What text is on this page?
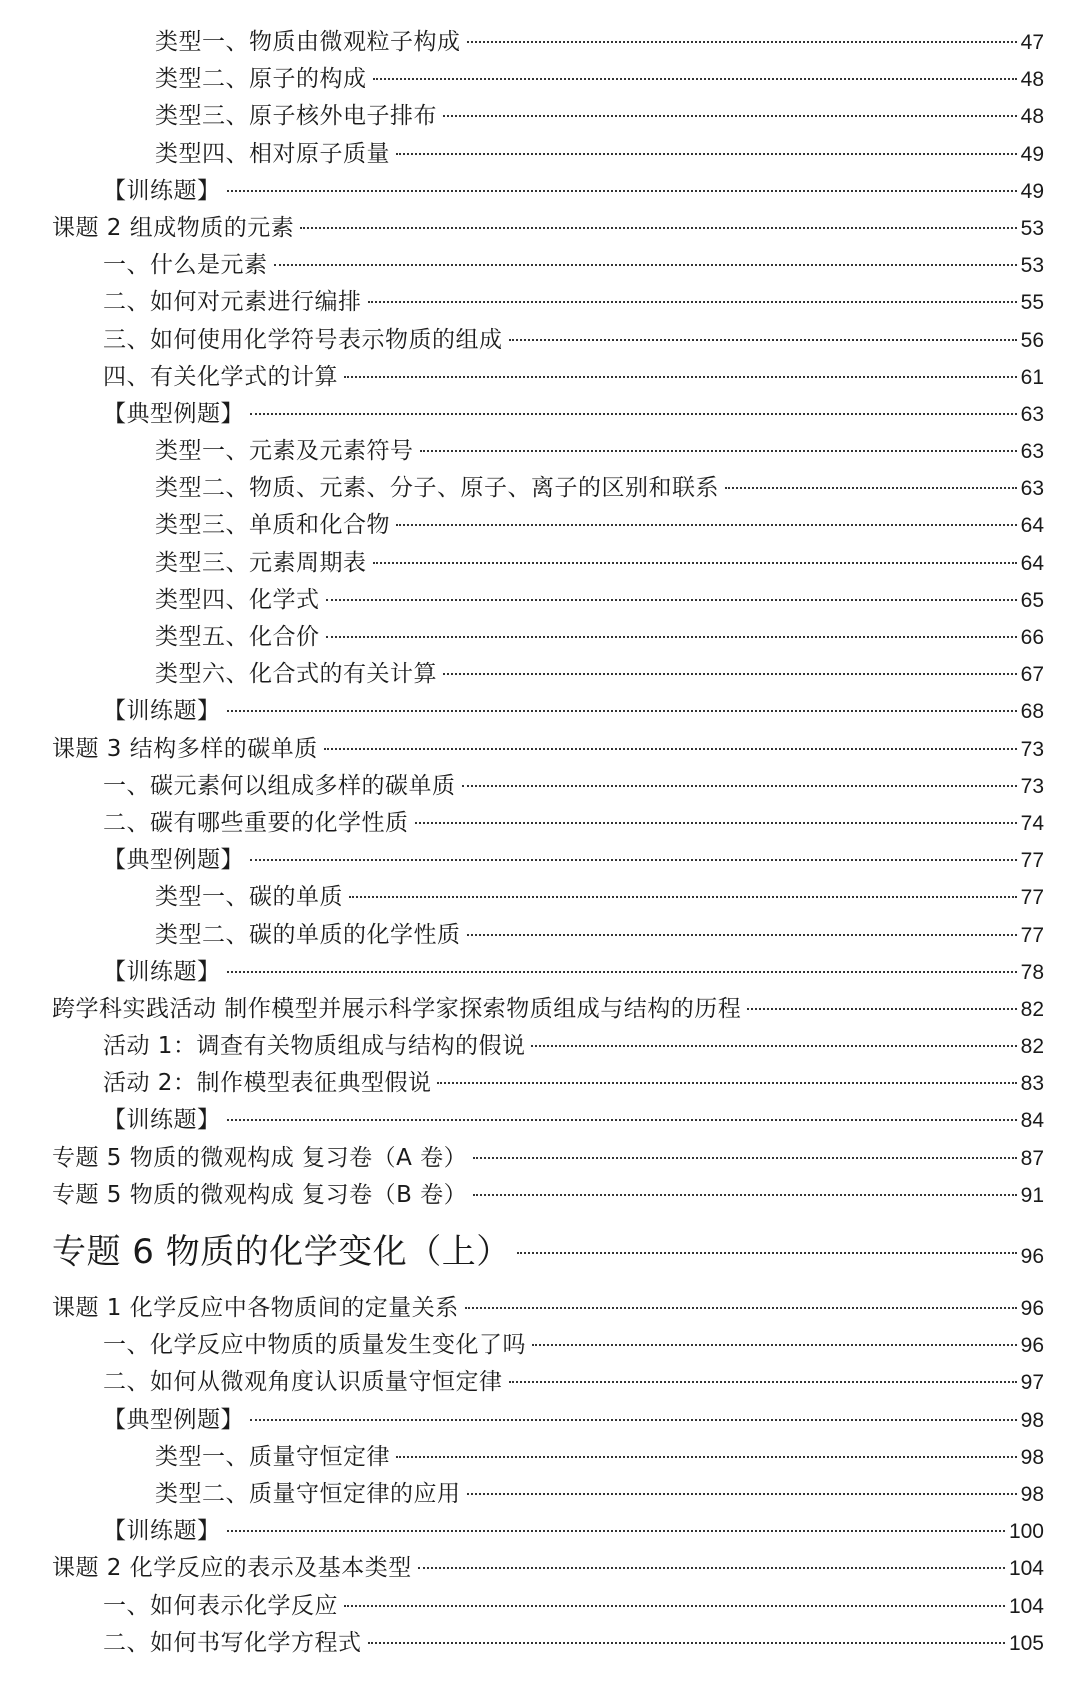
类型一、物质由微观粒子构成	47
类型二、原子的构成	48
类型三、原子核外电子排布	48
类型四、相对原子质量	49
【训练题】	49
课题 2 组成物质的元素	53
一、什么是元素	53
二、如何对元素进行编排	55
三、如何使用化学符号表示物质的组成	56
四、有关化学式的计算	61
【典型例题】	63
类型一、元素及元素符号	63
类型二、物质、元素、分子、原子、离子的区别和联系	63
类型三、单质和化合物	64
类型三、元素周期表	64
类型四、化学式	65
类型五、化合价	66
类型六、化合式的有关计算	67
【训练题】	68
课题 3 结构多样的碳单质	73
一、碳元素何以组成多样的碳单质	73
二、碳有哪些重要的化学性质	74
【典型例题】	77
类型一、碳的单质	77
类型二、碳的单质的化学性质	77
【训练题】	78
跨学科实践活动 制作模型并展示科学家探索物质组成与结构的历程	82
活动 1：调查有关物质组成与结构的假说	82
活动 2：制作模型表征典型假说	83
【训练题】	84
专题 5 物质的微观构成 复习卷（A 卷）	87
专题 5 物质的微观构成 复习卷（B 卷）	91
专题 6 物质的化学变化（上）	96
课题 1 化学反应中各物质间的定量关系	96
一、化学反应中物质的质量发生变化了吗	96
二、如何从微观角度认识质量守恒定律	97
【典型例题】	98
类型一、质量守恒定律	98
类型二、质量守恒定律的应用	98
【训练题】	100
课题 2 化学反应的表示及基本类型	104
一、如何表示化学反应	104
二、如何书写化学方程式	105
